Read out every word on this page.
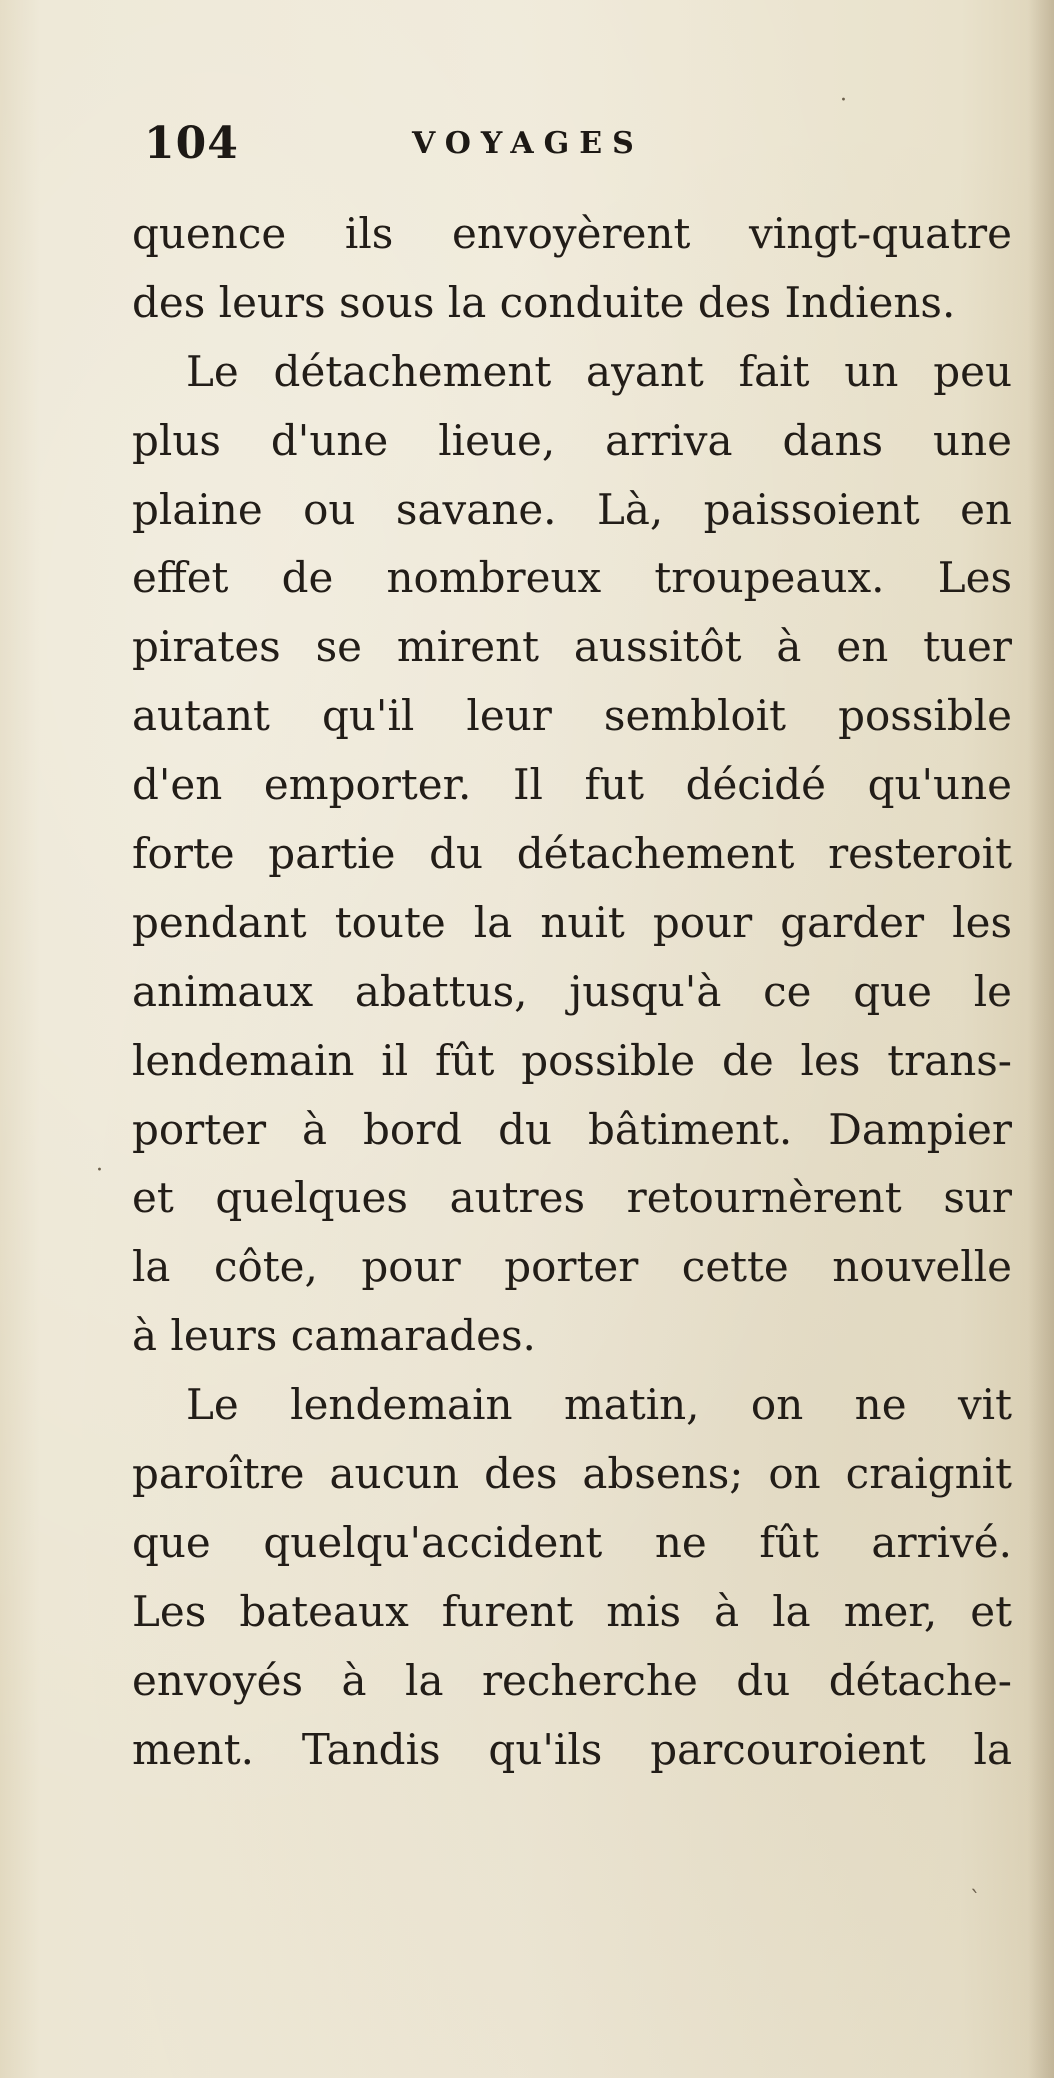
·
·
`
104	VOYAGES
quence ils envoyèrent vingt-quatre
des leurs sous la conduite des Indiens.
Le détachement ayant fait un peu
plus d'une lieue, arriva dans une
plaine ou savane. Là, paissoient en
effet de nombreux troupeaux. Les
pirates se mirent aussitôt à en tuer
autant qu'il leur sembloit possible
d'en emporter. Il fut décidé qu'une
forte partie du détachement resteroit
pendant toute la nuit pour garder les
animaux abattus, jusqu'à ce que le
lendemain il fût possible de les trans-
porter à bord du bâtiment. Dampier
et quelques autres retournèrent sur
la côte, pour porter cette nouvelle
à leurs camarades.
Le lendemain matin, on ne vit
paroître aucun des absens; on craignit
que quelqu'accident ne fût arrivé.
Les bateaux furent mis à la mer, et
envoyés à la recherche du détache-
ment. Tandis qu'ils parcouroient la
